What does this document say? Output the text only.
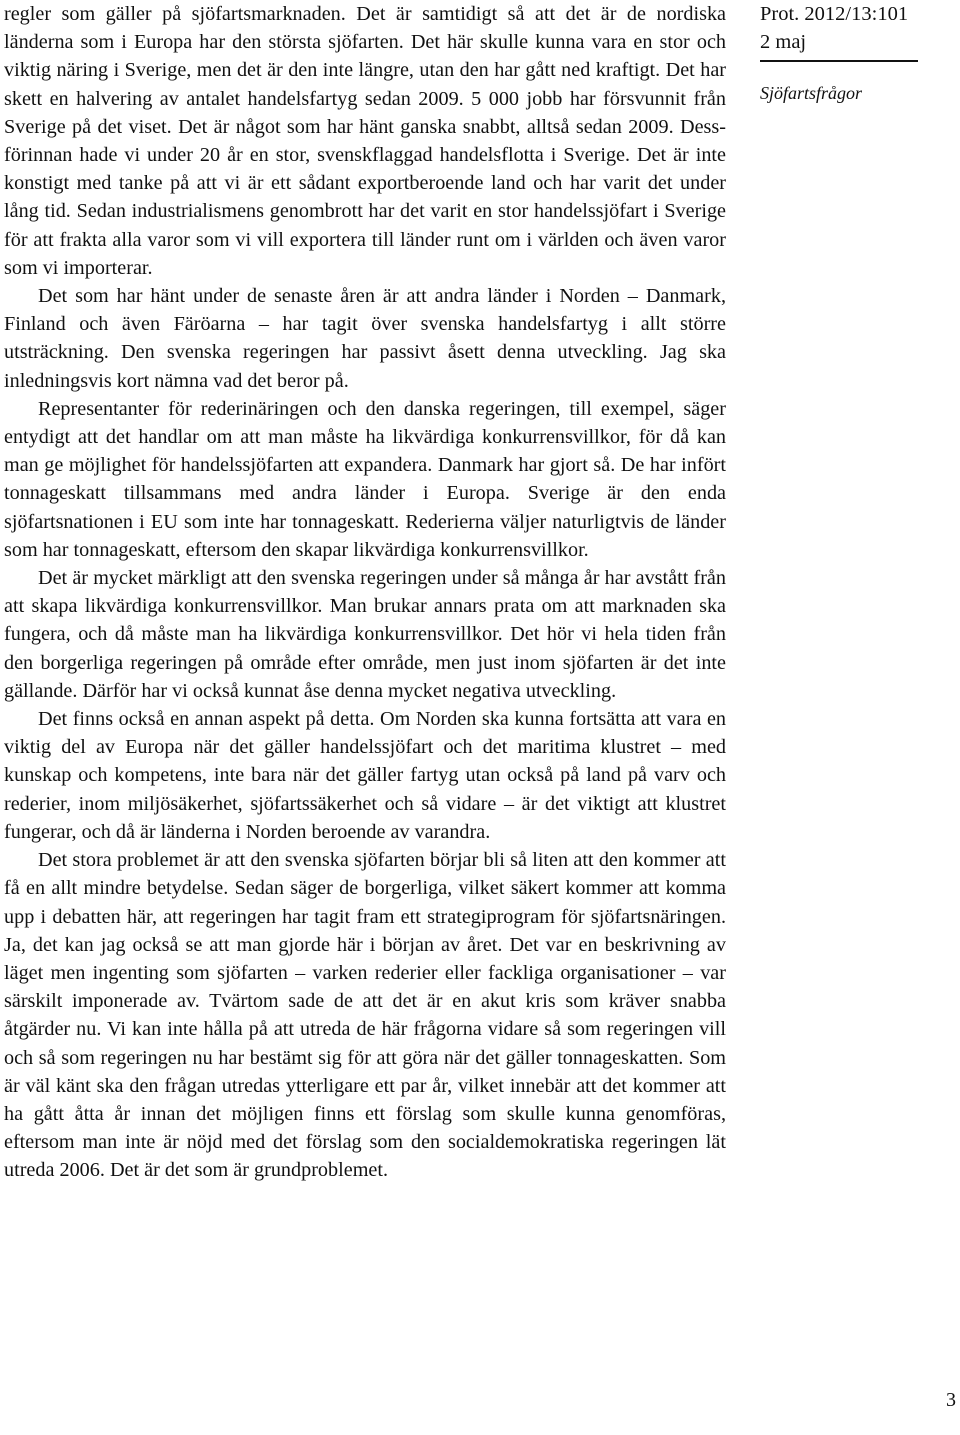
regler som gäller på sjöfartsmarknaden. Det är samtidigt så att det är de nordiska länderna som i Europa har den största sjöfarten. Det här skulle kunna vara en stor och viktig näring i Sverige, men det är den inte längre, utan den har gått ned kraftigt. Det har skett en halvering av antalet handelsfartyg sedan 2009. 5 000 jobb har försvunnit från Sverige på det viset. Det är något som har hänt ganska snabbt, alltså sedan 2009. Dessförinnan hade vi under 20 år en stor, svenskflaggad handelsflotta i Sverige. Det är inte konstigt med tanke på att vi är ett sådant exportberoende land och har varit det under lång tid. Sedan industrialismens genombrott har det varit en stor handelssjöfart i Sverige för att frakta alla varor som vi vill exportera till länder runt om i världen och även varor som vi importerar.

Det som har hänt under de senaste åren är att andra länder i Norden – Danmark, Finland och även Färöarna – har tagit över svenska handelsfartyg i allt större utsträckning. Den svenska regeringen har passivt åsett denna utveckling. Jag ska inledningsvis kort nämna vad det beror på.

Representanter för rederinäringen och den danska regeringen, till exempel, säger entydigt att det handlar om att man måste ha likvärdiga konkurrensvillkor, för då kan man ge möjlighet för handelssjöfarten att expandera. Danmark har gjort så. De har infört tonnageskatt tillsammans med andra länder i Europa. Sverige är den enda sjöfartsnationen i EU som inte har tonnageskatt. Rederierna väljer naturligtvis de länder som har tonnageskatt, eftersom den skapar likvärdiga konkurrensvillkor.

Det är mycket märkligt att den svenska regeringen under så många år har avstått från att skapa likvärdiga konkurrensvillkor. Man brukar annars prata om att marknaden ska fungera, och då måste man ha likvärdiga konkurrensvillkor. Det hör vi hela tiden från den borgerliga regeringen på område efter område, men just inom sjöfarten är det inte gällande. Därför har vi också kunnat åse denna mycket negativa utveckling.

Det finns också en annan aspekt på detta. Om Norden ska kunna fortsätta att vara en viktig del av Europa när det gäller handelssjöfart och det maritima klustret – med kunskap och kompetens, inte bara när det gäller fartyg utan också på land på varv och rederier, inom miljösäkerhet, sjöfartssäkerhet och så vidare – är det viktigt att klustret fungerar, och då är länderna i Norden beroende av varandra.

Det stora problemet är att den svenska sjöfarten börjar bli så liten att den kommer att få en allt mindre betydelse. Sedan säger de borgerliga, vilket säkert kommer att komma upp i debatten här, att regeringen har tagit fram ett strategiprogram för sjöfartsnäringen. Ja, det kan jag också se att man gjorde här i början av året. Det var en beskrivning av läget men ingenting som sjöfarten – varken rederier eller fackliga organisationer – var särskilt imponerade av. Tvärtom sade de att det är en akut kris som kräver snabba åtgärder nu. Vi kan inte hålla på att utreda de här frågorna vidare så som regeringen vill och så som regeringen nu har bestämt sig för att göra när det gäller tonnageskatten. Som är väl känt ska den frågan utredas ytterligare ett par år, vilket innebär att det kommer att ha gått åtta år innan det möjligen finns ett förslag som skulle kunna genomföras, eftersom man inte är nöjd med det förslag som den socialdemokratiska regeringen lät utreda 2006. Det är det som är grundproblemet.

Prot. 2012/13:101
2 maj
Sjöfartsfrågor
3
